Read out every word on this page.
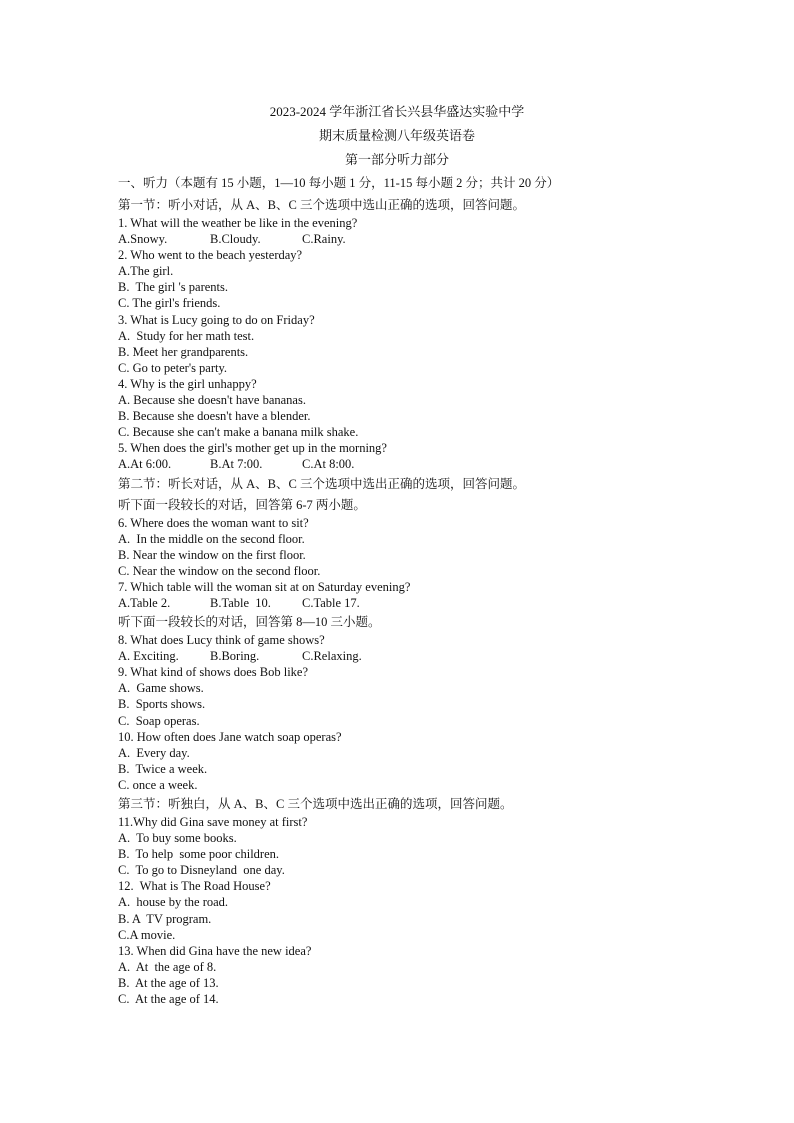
2023-2024 学年浙江省长兴县华盛达实验中学
期末质量检测八年级英语卷
第一部分听力部分
一、听力（本题有 15 小题，1—10 每小题 1 分，11-15 每小题 2 分；共计 20 分）
第一节：听小对话，从 A、B、C 三个选项中选山正确的选项，回答问题。
1. What will the weather be like in the evening?
A.Snowy.	B.Cloudy.	C.Rainy.
2. Who went to the beach yesterday?
A.The girl.
B.  The girl 's parents.
C. The girl's friends.
3. What is Lucy going to do on Friday?
A.  Study for her math test.
B. Meet her grandparents.
C. Go to peter's party.
4. Why is the girl unhappy?
A. Because she doesn't have bananas.
B. Because she doesn't have a blender.
C. Because she can't make a banana milk shake.
5. When does the girl's mother get up in the morning?
A.At 6:00.	B.At 7:00.	C.At 8:00.
第二节：听长对话，从 A、B、C 三个选项中选出正确的选项，回答问题。
听下面一段较长的对话，回答第 6-7 两小题。
6. Where does the woman want to sit?
A.  In the middle on the second floor.
B. Near the window on the first floor.
C. Near the window on the second floor.
7. Which table will the woman sit at on Saturday evening?
A.Table 2.	B.Table  10.	C.Table 17.
听下面一段较长的对话，回答第 8—10 三小题。
8. What does Lucy think of game shows?
A. Exciting.	B.Boring.	C.Relaxing.
9. What kind of shows does Bob like?
A.  Game shows.
B.  Sports shows.
C.  Soap operas.
10. How often does Jane watch soap operas?
A.  Every day.
B.  Twice a week.
C. once a week.
第三节：听独白，从 A、B、C 三个选项中选出正确的选项，回答问题。
11.Why did Gina save money at first?
A.  To buy some books.
B.  To help  some poor children.
C.  To go to Disneyland  one day.
12.  What is The Road House?
A.  house by the road.
B. A  TV program.
C.A movie.
13. When did Gina have the new idea?
A.  At  the age of 8.
B.  At the age of 13.
C.  At the age of 14.
